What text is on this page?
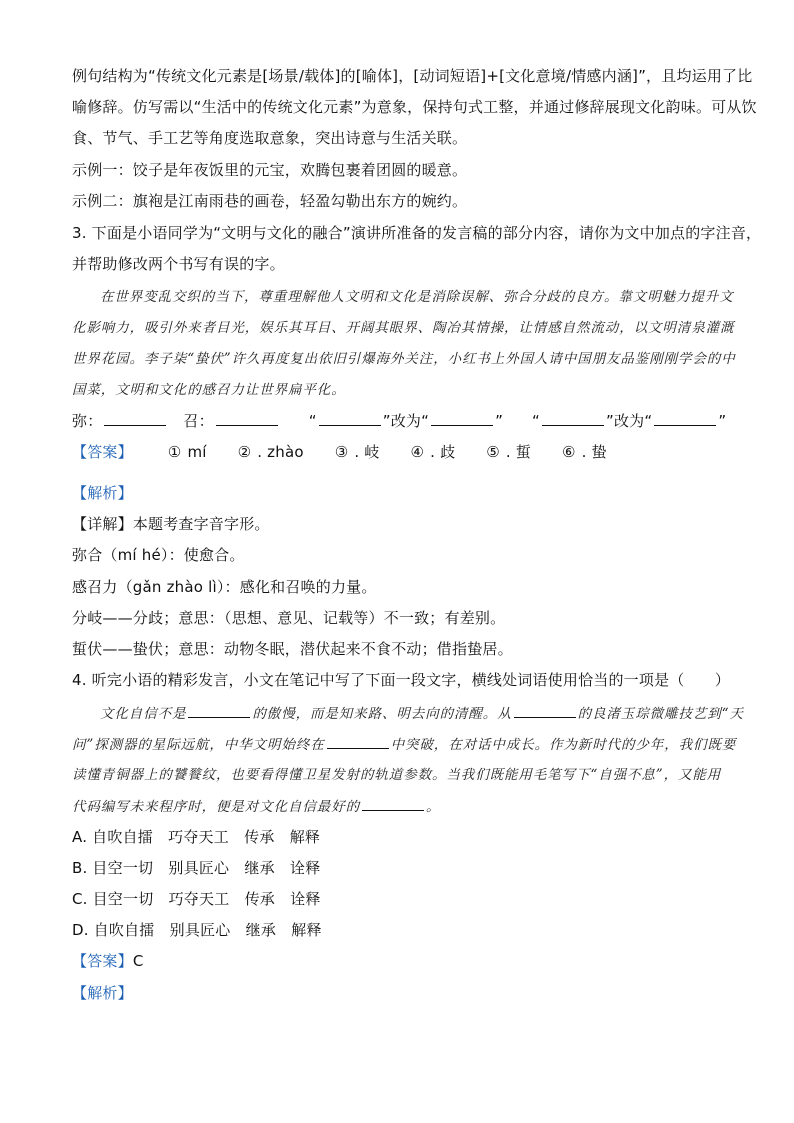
例句结构为“传统文化元素是[场景/载体]的[喻体]，[动词短语]+[文化意境/情感内涵]”，且均运用了比
喻修辞。仿写需以“生活中的传统文化元素”为意象，保持句式工整，并通过修辞展现文化韵味。可从饮
食、节气、手工艺等角度选取意象，突出诗意与生活关联。
示例一：饺子是年夜饭里的元宝，欢腾包裹着团圆的暖意。
示例二：旗袍是江南雨巷的画卷，轻盈勾勒出东方的婉约。
3. 下面是小语同学为“文明与文化的融合”演讲所准备的发言稿的部分内容，请你为文中加点的字注音，
并帮助修改两个书写有误的字。
在世界变乱交织的当下，尊重理解他人文明和文化是消除误解、弥合分歧的良方。靠文明魅力提升文
化影响力，吸引外来者目光，娱乐其耳目、开阔其眼界、陶冶其情操，让情感自然流动，以文明清泉灌溉
世界花园。李子柒“蛰伏”许久再度复出依旧引爆海外关注，小红书上外国人请中国朋友品鉴刚刚学会的中
国菜，文明和文化的感召力让世界扁平化。
弥：	召：	“	”改为“	” “	”改为“	”
【答案】 ① mí ② . zhào ③ . 岐 ④ . 歧 ⑤ . 蜇 ⑥ . 蛰
【解析】
【详解】本题考查字音字形。
弥合（mí hé）：使愈合。
感召力（gǎn zhào lì）：感化和召唤的力量。
分岐——分歧；意思：（思想、意见、记载等）不一致；有差别。
蜇伏——蛰伏；意思：动物冬眠，潜伏起来不食不动；借指蛰居。
4. 听完小语的精彩发言，小文在笔记中写了下面一段文字，横线处词语使用恰当的一项是（　　）
文化自信不是	的傲慢，而是知来路、明去向的清醒。从	的良渚玉琮微雕技艺到“天
问”探测器的星际远航，中华文明始终在	中突破，在对话中成长。作为新时代的少年，我们既要
读懂青铜器上的饕餮纹，也要看得懂卫星发射的轨道参数。当我们既能用毛笔写下“自强不息”，又能用
代码编写未来程序时，便是对文化自信最好的	。
A. 自吹自擂　巧夺天工　传承　解释
B. 目空一切　别具匠心　继承　诠释
C. 目空一切　巧夺天工　传承　诠释
D. 自吹自擂　别具匠心　继承　解释
【答案】C
【解析】
